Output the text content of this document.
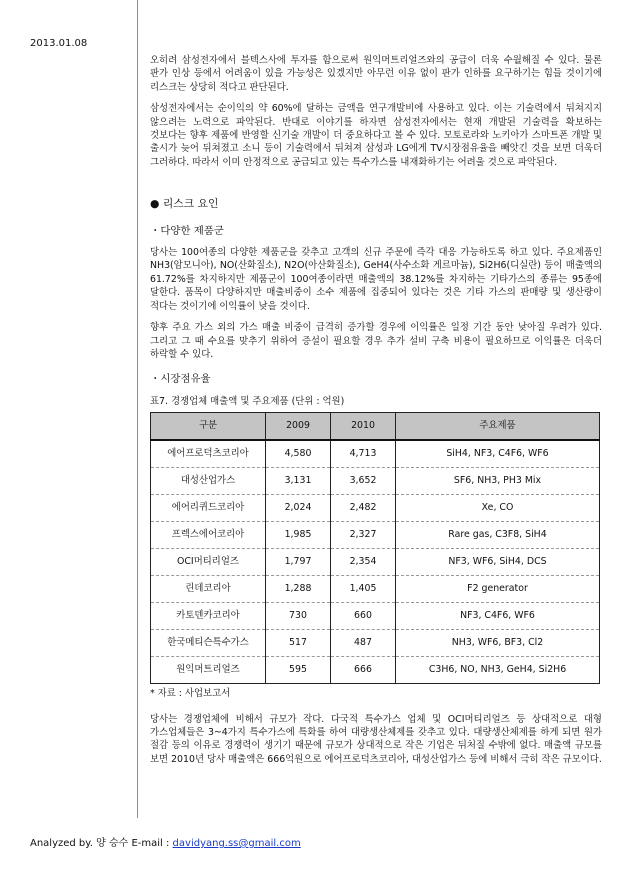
2013.01.08

오히려 삼성전자에서 블텍스사에 투자를 함으로써 원익머트리얼즈와의 공급이 더욱 수월해질 수 있다. 물론 판가 인상 등에서 어려움이 있을 가능성은 있겠지만 아무런 이유 없이 판가 인하를 요구하기는 힘들 것이기에 리스크는 상당히 적다고 판단된다.

삼성전자에서는 순이익의 약 60%에 달하는 금액을 연구개발비에 사용하고 있다. 이는 기술력에서 뒤쳐지지 않으려는 노력으로 파악된다. 반대로 이야기를 하자면 삼성전자에서는 현재 개발된 기술력을 확보하는 것보다는 향후 제품에 반영할 신기술 개발이 더 중요하다고 볼 수 있다. 모토로라와 노키아가 스마트폰 개발 및 출시가 늦어 뒤쳐졌고 소니 등이 기술력에서 뒤쳐져 삼성과 LG에게 TV시장점유율을 빼앗긴 것을 보면 더욱더 그러하다. 따라서 이미 안정적으로 공급되고 있는 특수가스를 내재화하기는 어려울 것으로 파악된다.

● 리스크 요인

・다양한 제품군

당사는 100여종의 다양한 제품군을 갖추고 고객의 신규 주문에 즉각 대응 가능하도록 하고 있다. 주요제품인 NH3(암모니아), NO(산화질소), N2O(아산화질소), GeH4(사수소화 게르마늄), Si2H6(디실란) 등이 매출액의 61.72%를 차지하지만 제품군이 100여종이라면 매출액의 38.12%를 차지하는 기타가스의 종류는 95종에 달한다. 품목이 다양하지만 매출비중이 소수 제품에 집중되어 있다는 것은 기타 가스의 판매량 및 생산량이 적다는 것이기에 이익률이 낮을 것이다.

향후 주요 가스 외의 가스 매출 비중이 급격히 증가할 경우에 이익률은 일정 기간 동안 낮아질 우려가 있다. 그리고 그 때 수요를 맞추기 위하여 증설이 필요할 경우 추가 설비 구축 비용이 필요하므로 이익률은 더욱더 하락할 수 있다.

・시장점유율

표7. 경쟁업체 매출액 및 주요제품 (단위 : 억원)

구분	2009	2010	주요제품
에어프로덕츠코리아	4,580	4,713	SiH4, NF3, C4F6, WF6
대성산업가스	3,131	3,652	SF6, NH3, PH3 Mix
에어리퀴드코리아	2,024	2,482	Xe, CO
프렉스에어코리아	1,985	2,327	Rare gas, C3F8, SiH4
OCI머티리얼즈	1,797	2,354	NF3, WF6, SiH4, DCS
린데코리아	1,288	1,405	F2 generator
카토덴카코리아	730	660	NF3, C4F6, WF6
한국메티슨특수가스	517	487	NH3, WF6, BF3, Cl2
원익머트리얼즈	595	666	C3H6, NO, NH3, GeH4, Si2H6

* 자료 : 사업보고서

당사는 경쟁업체에 비해서 규모가 작다. 다국적 특수가스 업체 및 OCI머티리얼즈 등 상대적으로 대형 가스업체들은 3~4가지 특수가스에 특화를 하여 대량생산체제를 갖추고 있다. 대량생산체제를 하게 되면 원가 절감 등의 이유로 경쟁력이 생기기 때문에 규모가 상대적으로 작은 기업은 뒤처질 수밖에 없다. 매출액 규모를 보면 2010년 당사 매출액은 666억원으로 에어프로덕츠코리아, 대성산업가스 등에 비해서 극히 작은 규모이다.

Analyzed by. 양 승수 E-mail : davidyang.ss@gmail.com
